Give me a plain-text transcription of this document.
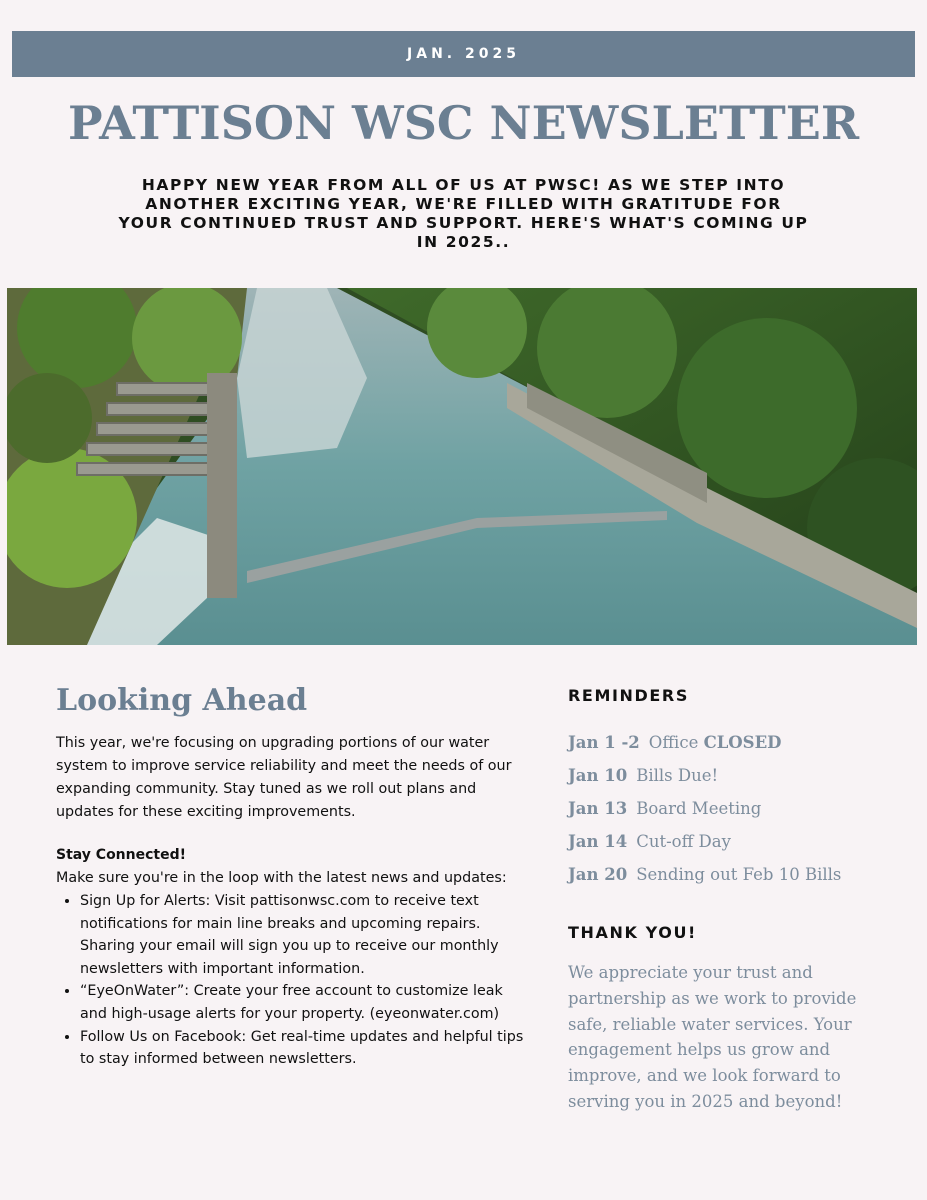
JAN. 2025
PATTISON WSC NEWSLETTER

HAPPY NEW YEAR FROM ALL OF US AT PWSC! AS WE STEP INTO ANOTHER EXCITING YEAR, WE'RE FILLED WITH GRATITUDE FOR YOUR CONTINUED TRUST AND SUPPORT. HERE'S WHAT'S COMING UP IN 2025..

Looking Ahead

This year, we're focusing on upgrading portions of our water system to improve service reliability and meet the needs of our expanding community. Stay tuned as we roll out plans and updates for these exciting improvements.

Stay Connected!

Make sure you're in the loop with the latest news and updates:

• Sign Up for Alerts: Visit pattisonwsc.com to receive text notifications for main line breaks and upcoming repairs. Sharing your email will sign you up to receive our monthly newsletters with important information.
• “EyeOnWater”: Create your free account to customize leak and high-usage alerts for your property. (eyeonwater.com)
• Follow Us on Facebook: Get real-time updates and helpful tips to stay informed between newsletters.
REMINDERS
Jan 1 -2 Office CLOSED
Jan 10 Bills Due!
Jan 13 Board Meeting
Jan 14 Cut-off Day
Jan 20 Sending out Feb 10 Bills
THANK YOU!

We appreciate your trust and partnership as we work to provide safe, reliable water services. Your engagement helps us grow and improve, and we look forward to serving you in 2025 and beyond!
